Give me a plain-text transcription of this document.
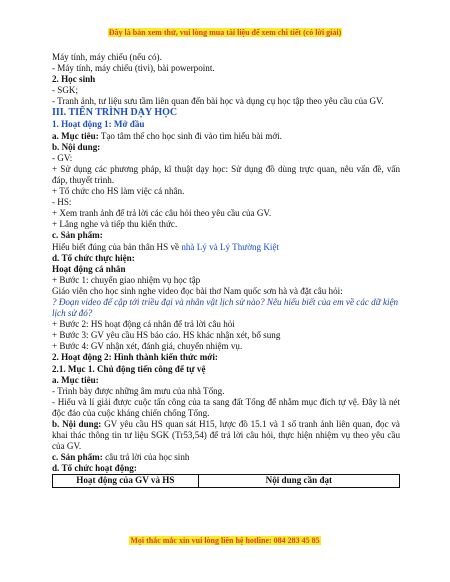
Đây là bản xem thử, vui lòng mua tài liệu để xem chi tiết (có lời giải)

Máy tính, máy chiếu (nếu có).

- Máy tính, máy chiếu (tivi), bài powerpoint.

2. Học sinh

- SGK;

- Tranh ảnh, tư liệu sưu tầm liên quan đến bài học và dụng cụ học tập theo yêu cầu của GV.

III. TIẾN TRÌNH DẠY HỌC

1. Hoạt động 1: Mở đầu

a. Mục tiêu: Tạo tâm thế cho học sinh đi vào tìm hiểu bài mới.

b. Nội dung:

- GV:

+ Sử dụng các phương pháp, kĩ thuật dạy học: Sử dụng đồ dùng trực quan, nêu vấn đề, vấn đáp, thuyết trình.

+ Tổ chức cho HS làm việc cá nhân.

- HS:

+ Xem tranh ảnh để trả lời các câu hỏi theo yêu cầu của GV.

+ Lắng nghe và tiếp thu kiến thức.

c. Sản phẩm:

Hiểu biết đúng của bản thân HS về nhà Lý và Lý Thường Kiệt

d. Tổ chức thực hiện:

Hoạt động cá nhân

+ Bước 1: chuyển giao nhiệm vụ học tập

Giáo viên cho học sinh nghe video đọc bài thơ Nam quốc sơn hà và đặt câu hỏi:

? Đoạn video để cập tới triều đại và nhân vật lịch sử nào? Nêu hiểu biết của em về các dữ kiện lịch sử đó?

+ Bước 2: HS hoạt động cá nhân để trả lời câu hỏi

+ Bước 3: GV yêu cầu HS báo cáo. HS khác nhận xét, bổ sung

+ Bước 4: GV nhận xét, đánh giá, chuyển nhiệm vụ.

2. Hoạt động 2: Hình thành kiến thức mới:

2.1. Mục 1. Chủ động tiến công để tự vệ

a. Mục tiêu:

- Trình bày được những âm mưu của nhà Tống.

- Hiểu và lí giải được cuộc tấn công của ta sang đất Tống để nhằm mục đích tự vệ. Đây là nét độc đáo của cuộc kháng chiến chống Tống.

b. Nội dung: GV yêu cầu HS quan sát H15, lược đồ 15.1 và 1 số tranh ảnh liên quan, đọc và khai thác thông tin tư liệu SGK (Tr53,54) để trả lời câu hỏi, thực hiện nhiệm vụ theo yêu cầu của GV.

c. Sản phẩm: câu trả lời của học sinh

d. Tổ chức hoạt động:

Hoạt động của GV và HS	Nội dung cần đạt
Mọi thắc mắc xin vui lòng liên hệ hotline: 084 283 45 85
